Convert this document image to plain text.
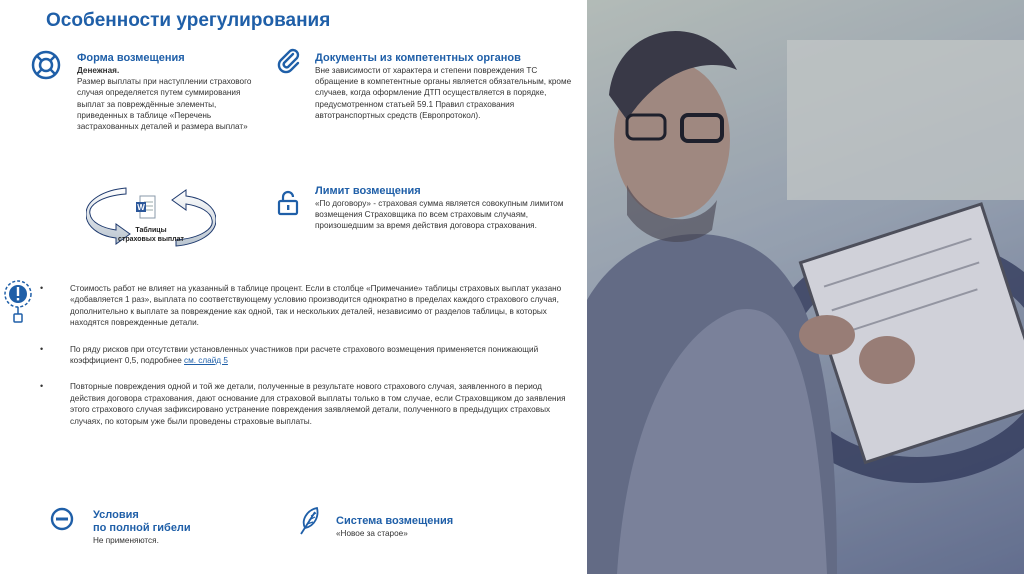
Особенности урегулирования
Форма возмещения

Денежная.

Размер выплаты при наступлении страхового случая определяется путем суммирования выплат за повреждённые элементы, приведенных в таблице «Перечень застрахованных деталей и размера выплат»

Документы из компетентных органов

Вне зависимости от характера и степени повреждения ТС обращение в компетентные органы является обязательным, кроме случаев, когда оформление ДТП осуществляется в порядке, предусмотренном статьей 59.1 Правил страхования автотранспортных средств (Европротокол).

W
Таблицы
страховых выплат
Лимит возмещения

«По договору» - страховая сумма является совокупным лимитом возмещения Страховщика по всем страховым случаям, произошедшим за время действия договора страхования.

•	Стоимость работ не влияет на указанный в таблице процент. Если в столбце «Примечание» таблицы страховых выплат указано «добавляется 1 раз», выплата по соответствующему условию производится однократно в пределах каждого страхового случая, дополнительно к выплате за повреждение как одной, так и нескольких деталей, независимо от разделов таблицы, в которых находятся поврежденные детали.
•	По ряду рисков при отсутствии установленных участников при расчете страхового возмещения применяется понижающий коэффициент 0,5, подробнее см. слайд 5
•	Повторные повреждения одной и той же детали, полученные в результате нового страхового случая, заявленного в период действия договора страхования, дают основание для страховой выплаты только в том случае, если Страховщиком до заявления этого страхового случая зафиксировано устранение повреждения заявляемой детали, полученного в предыдущих страховых случаях, по которым уже были проведены страховые выплаты.
Условия
по полной гибели

Не применяются.

Система возмещения

«Новое за старое»
